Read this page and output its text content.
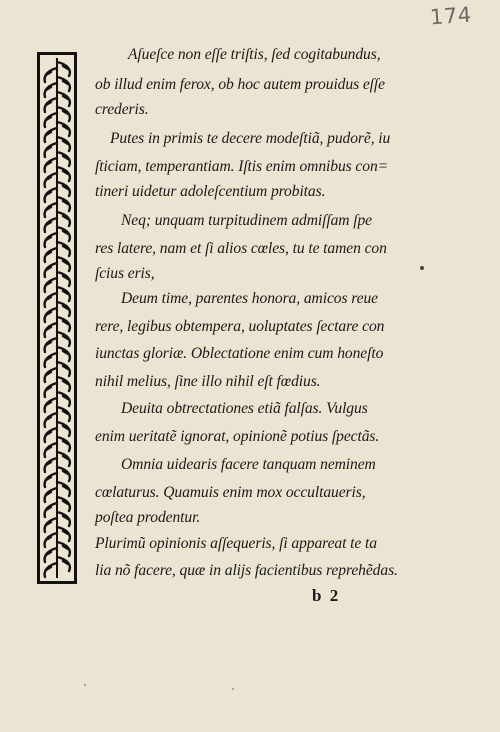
174
Aſueſce non eſſe triſtis, ſed cogitabundus,
ob illud enim ferox, ob hoc autem prouidus eſſe
crederis.
Putes in primis te decere modeſtiã, pudorẽ, iu
ſticiam, temperantiam. Iſtis enim omnibus con=
tineri uidetur adoleſcentium probitas.
Neq; unquam turpitudinem admiſſam ſpe
res latere, nam et ſi alios cœles, tu te tamen con
ſcius eris,
Deum time, parentes honora, amicos reue
rere, legibus obtempera, uoluptates ſectare con
iunctas gloriæ. Oblectatione enim cum honeſto
nihil melius, ſine illo nihil eſt fœdius.
Deuita obtrectationes etiã falſas. Vulgus
enim ueritatẽ ignorat, opinionẽ potius ſpectãs.
Omnia uidearis facere tanquam neminem
cœlaturus. Quamuis enim mox occultaueris,
poſtea prodentur.
Plurimũ opinionis aſſequeris, ſi appareat te ta
lia nõ facere, quæ in alijs facientibus reprehẽdas.
b 2
